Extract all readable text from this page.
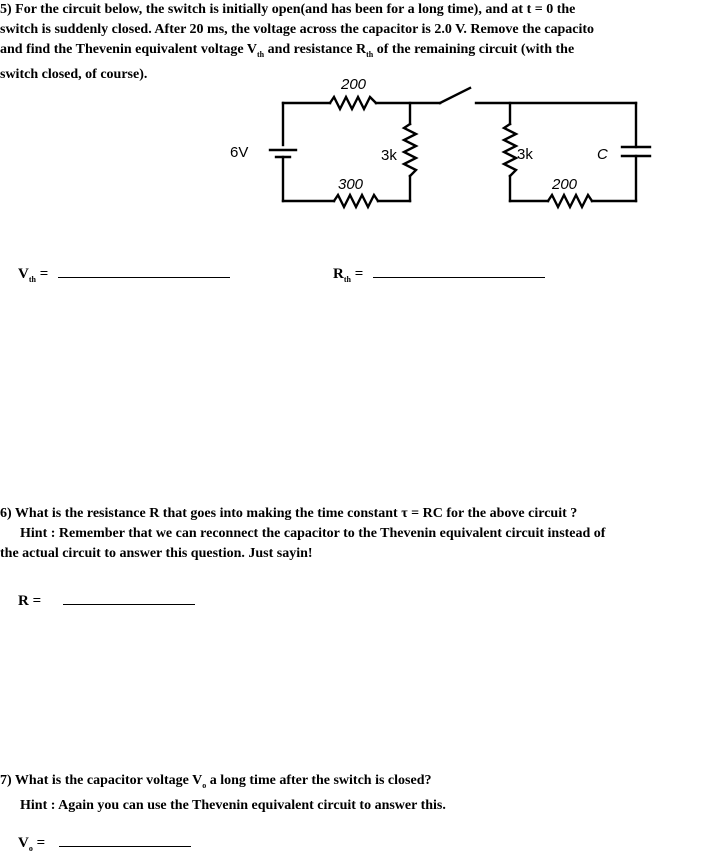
5) For the circuit below, the switch is initially open(and has been for a long time), and at t = 0 the
switch is suddenly closed. After 20 ms, the voltage across the capacitor is 2.0 V. Remove the capacito
and find the Thevenin equivalent voltage $V_{th}$ and resistance $R_{th}$ of the remaining circuit (with the
switch closed, of course).
6V
200
300
3k	3k
200
C
$V_{th}$ =	$R_{th}$ =
6) What is the resistance R that goes into making the time constant τ = RC for the above circuit ?
Hint : Remember that we can reconnect the capacitor to the Thevenin equivalent circuit instead of
the actual circuit to answer this question. Just sayin!
R =
7) What is the capacitor voltage $V_o$ a long time after the switch is closed?
Hint : Again you can use the Thevenin equivalent circuit to answer this.
$V_o$ =
